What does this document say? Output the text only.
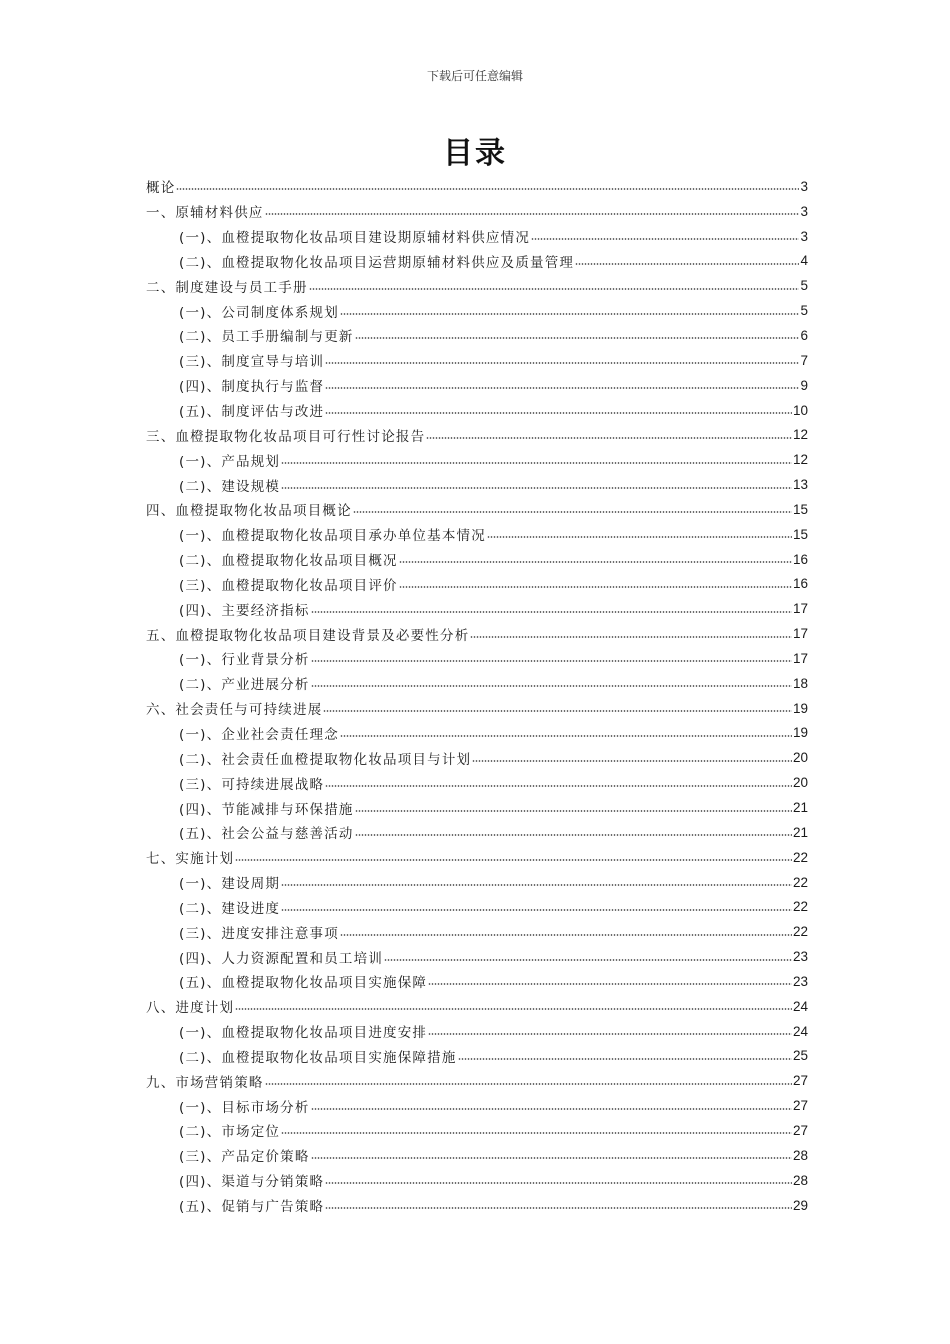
下载后可任意编辑
目录
概论	3
一、原辅材料供应	3
(一)、血橙提取物化妆品项目建设期原辅材料供应情况	3
(二)、血橙提取物化妆品项目运营期原辅材料供应及质量管理	4
二、制度建设与员工手册	5
(一)、公司制度体系规划	5
(二)、员工手册编制与更新	6
(三)、制度宣导与培训	7
(四)、制度执行与监督	9
(五)、制度评估与改进	10
三、血橙提取物化妆品项目可行性讨论报告	12
(一)、产品规划	12
(二)、建设规模	13
四、血橙提取物化妆品项目概论	15
(一)、血橙提取物化妆品项目承办单位基本情况	15
(二)、血橙提取物化妆品项目概况	16
(三)、血橙提取物化妆品项目评价	16
(四)、主要经济指标	17
五、血橙提取物化妆品项目建设背景及必要性分析	17
(一)、行业背景分析	17
(二)、产业进展分析	18
六、社会责任与可持续进展	19
(一)、企业社会责任理念	19
(二)、社会责任血橙提取物化妆品项目与计划	20
(三)、可持续进展战略	20
(四)、节能减排与环保措施	21
(五)、社会公益与慈善活动	21
七、实施计划	22
(一)、建设周期	22
(二)、建设进度	22
(三)、进度安排注意事项	22
(四)、人力资源配置和员工培训	23
(五)、血橙提取物化妆品项目实施保障	23
八、进度计划	24
(一)、血橙提取物化妆品项目进度安排	24
(二)、血橙提取物化妆品项目实施保障措施	25
九、市场营销策略	27
(一)、目标市场分析	27
(二)、市场定位	27
(三)、产品定价策略	28
(四)、渠道与分销策略	28
(五)、促销与广告策略	29
